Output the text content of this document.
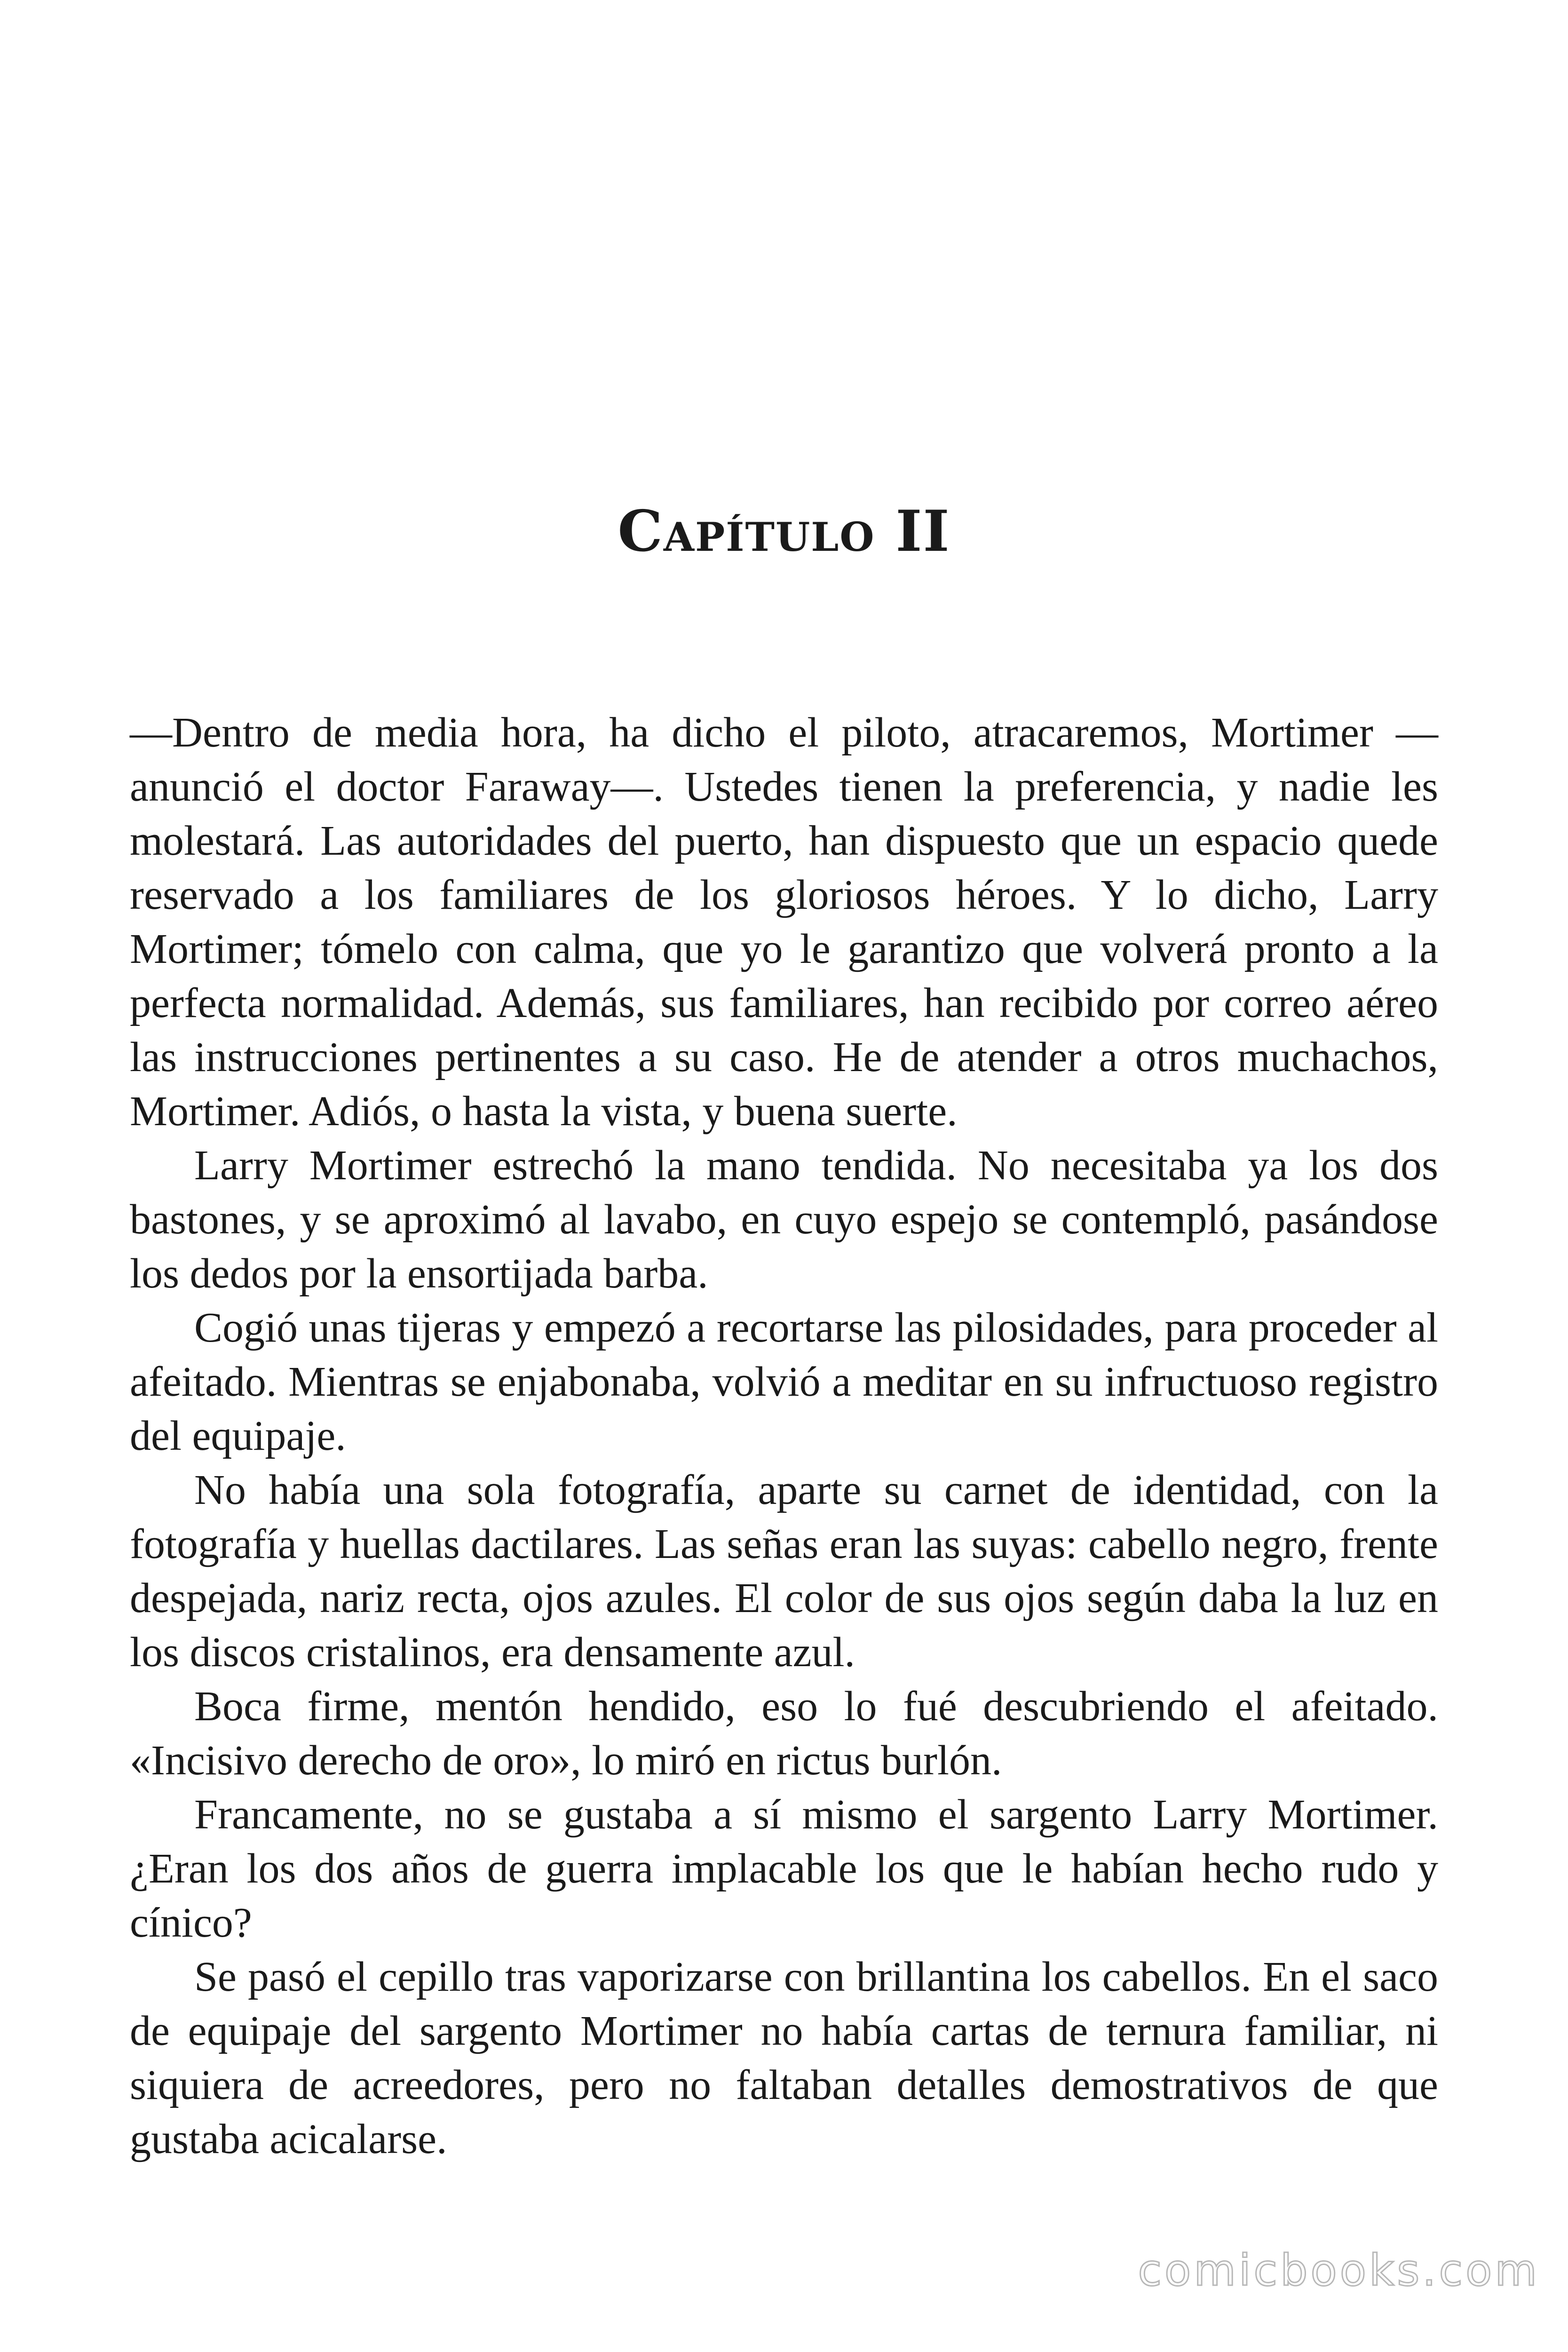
Capítulo II

—Dentro de media hora, ha dicho el piloto, atracaremos, Mortimer —anunció el doctor Faraway—. Ustedes tienen la preferencia, y nadie les molestará. Las autoridades del puerto, han dispuesto que un espacio quede reservado a los familiares de los gloriosos héroes. Y lo dicho, Larry Mortimer; tómelo con calma, que yo le garantizo que volverá pronto a la perfecta normalidad. Además, sus familiares, han recibido por correo aéreo las instrucciones pertinentes a su caso. He de atender a otros muchachos, Mortimer. Adiós, o hasta la vista, y buena suerte.

Larry Mortimer estrechó la mano tendida. No necesitaba ya los dos bastones, y se aproximó al lavabo, en cuyo espejo se contempló, pasándose los dedos por la ensortijada barba.

Cogió unas tijeras y empezó a recortarse las pilosidades, para proceder al afeitado. Mientras se enjabonaba, volvió a meditar en su infructuoso registro del equipaje.

No había una sola fotografía, aparte su carnet de identidad, con la fotografía y huellas dactilares. Las señas eran las suyas: cabello negro, frente despejada, nariz recta, ojos azules. El color de sus ojos según daba la luz en los discos cristalinos, era densamente azul.

Boca firme, mentón hendido, eso lo fué descubriendo el afeitado. «Incisivo derecho de oro», lo miró en rictus burlón.

Francamente, no se gustaba a sí mismo el sargento Larry Mortimer. ¿Eran los dos años de guerra implacable los que le habían hecho rudo y cínico?

Se pasó el cepillo tras vaporizarse con brillantina los cabellos. En el saco de equipaje del sargento Mortimer no había cartas de ternura familiar, ni siquiera de acreedores, pero no faltaban detalles demostrativos de que gustaba acicalarse.

comicbooks.com
